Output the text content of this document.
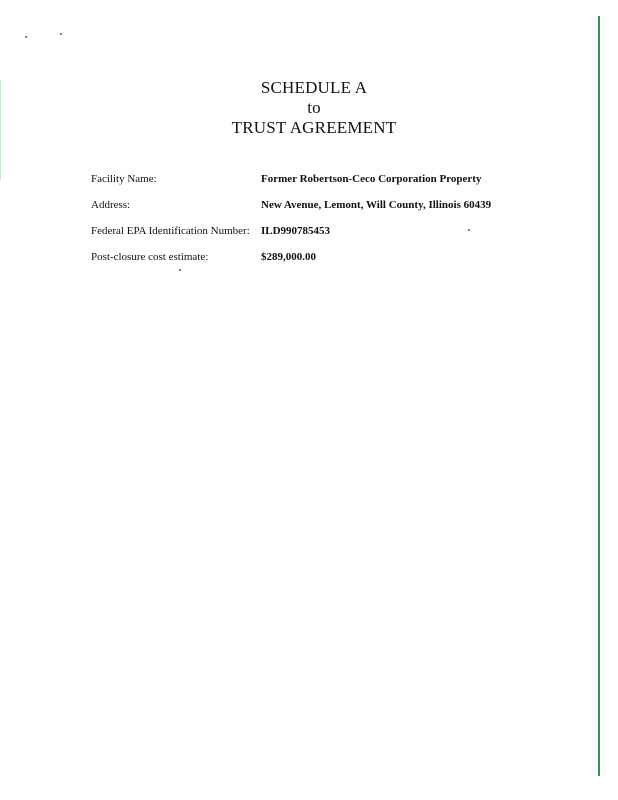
SCHEDULE A
to
TRUST AGREEMENT
Facility Name:	Former Robertson-Ceco Corporation Property
Address:	New Avenue, Lemont, Will County, Illinois 60439
Federal EPA Identification Number: ILD990785453
Post-closure cost estimate:	$289,000.00
